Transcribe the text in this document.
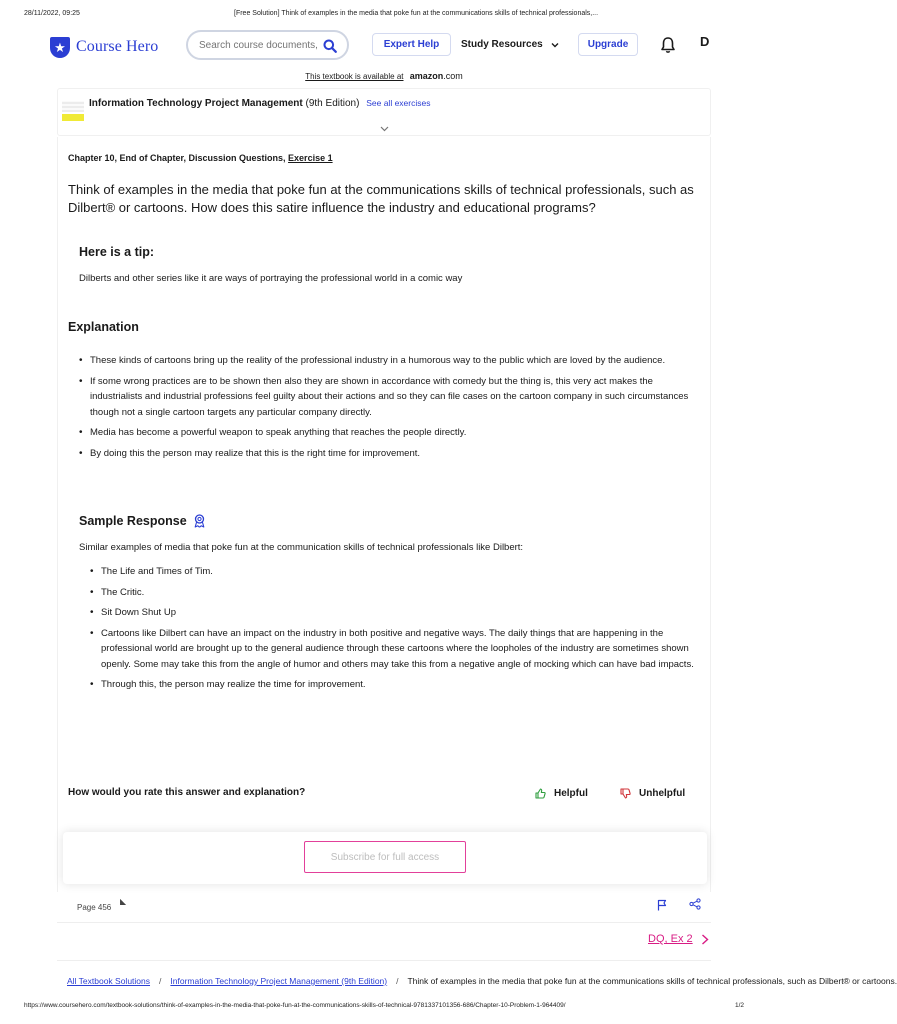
28/11/2022, 09:25	[Free Solution] Think of examples in the media that poke fun at the communications skills of technical professionals,...
★ Course Hero
Search course documents, quest	Expert Help	Study Resources	Upgrade	D
This textbook is available at amazon.com
Information Technology Project Management (9th Edition) See all exercises
Chapter 10, End of Chapter, Discussion Questions, Exercise 1
Think of examples in the media that poke fun at the communications skills of technical professionals, such as Dilbert® or cartoons. How does this satire influence the industry and educational programs?
Here is a tip:
Dilberts and other series like it are ways of portraying the professional world in a comic way
Explanation
• These kinds of cartoons bring up the reality of the professional industry in a humorous way to the public which are loved by the audience.
• If some wrong practices are to be shown then also they are shown in accordance with comedy but the thing is, this very act makes the industrialists and industrial professions feel guilty about their actions and so they can file cases on the cartoon company in such circumstances though not a single cartoon targets any particular company directly.
• Media has become a powerful weapon to speak anything that reaches the people directly.
• By doing this the person may realize that this is the right time for improvement.
Sample Response
Similar examples of media that poke fun at the communication skills of technical professionals like Dilbert:
• The Life and Times of Tim.
• The Critic.
• Sit Down Shut Up
• Cartoons like Dilbert can have an impact on the industry in both positive and negative ways. The daily things that are happening in the professional world are brought up to the general audience through these cartoons where the loopholes of the industry are sometimes shown openly. Some may take this from the angle of humor and others may take this from a negative angle of mocking which can have bad impacts.
• Through this, the person may realize the time for improvement.
How would you rate this answer and explanation?	Helpful	Unhelpful
Subscribe for full access
Page 456
◣
DQ, Ex 2
All Textbook Solutions / Information Technology Project Management (9th Edition) / Think of examples in the media that poke fun at the communications skills of technical professionals, such as Dilbert® or cartoons.
https://www.coursehero.com/textbook-solutions/think-of-examples-in-the-media-that-poke-fun-at-the-communications-skills-of-technical-9781337101356-686/Chapter-10-Problem-1-964409/	1/2
